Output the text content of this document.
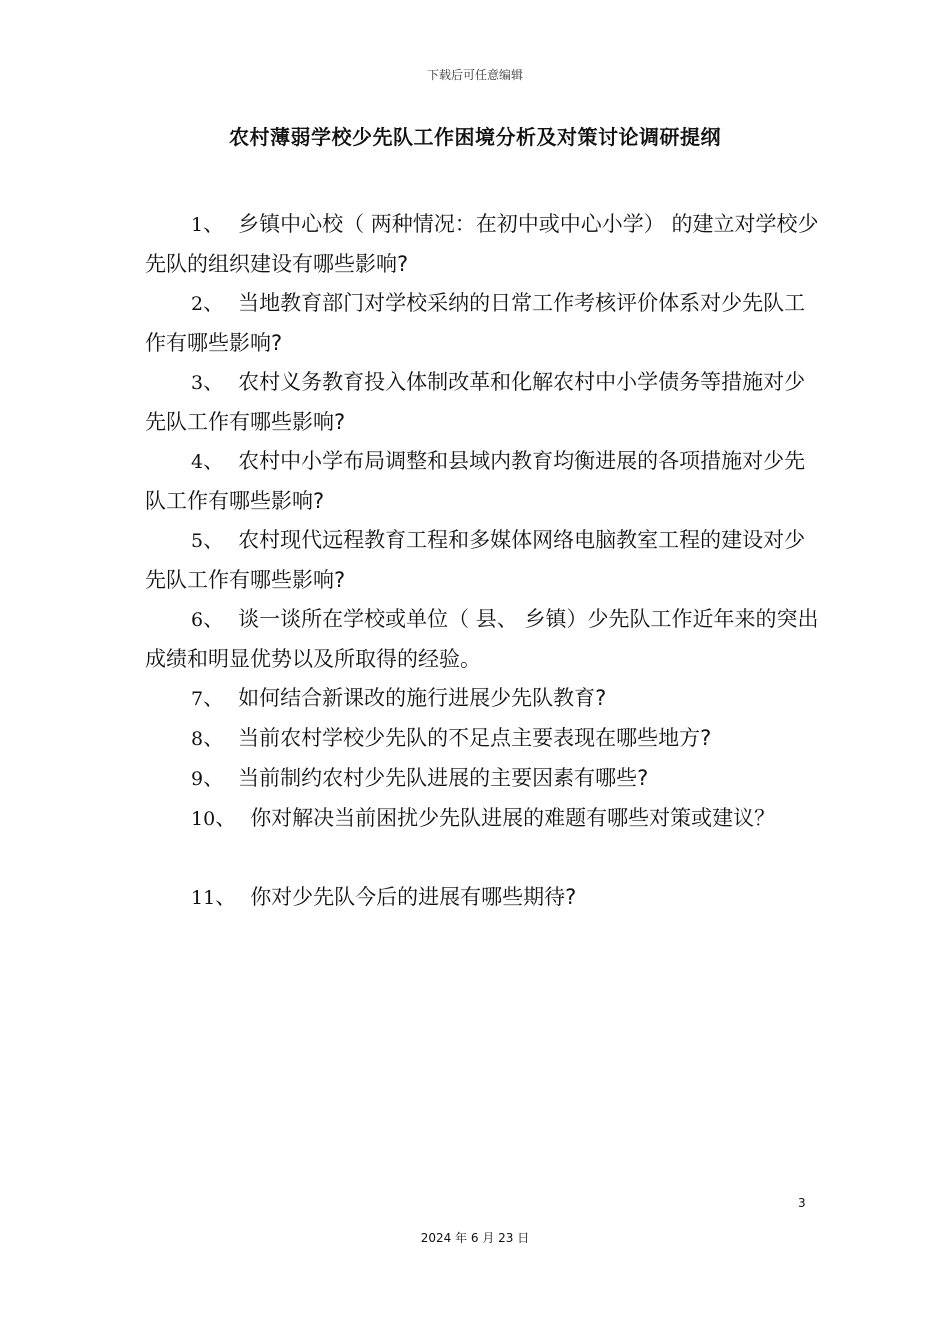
下载后可任意编辑
农村薄弱学校少先队工作困境分析及对策讨论调研提纲

1、 乡镇中心校（ 两种情况：在初中或中心小学） 的建立对学校少先队的组织建设有哪些影响?

2、 当地教育部门对学校采纳的日常工作考核评价体系对少先队工作有哪些影响?

3、 农村义务教育投入体制改革和化解农村中小学债务等措施对少先队工作有哪些影响?

4、 农村中小学布局调整和县域内教育均衡进展的各项措施对少先队工作有哪些影响?

5、 农村现代远程教育工程和多媒体网络电脑教室工程的建设对少先队工作有哪些影响?

6、 谈一谈所在学校或单位（ 县、 乡镇）少先队工作近年来的突出成绩和明显优势以及所取得的经验。

7、 如何结合新课改的施行进展少先队教育?

8、 当前农村学校少先队的不足点主要表现在哪些地方?

9、 当前制约农村少先队进展的主要因素有哪些?

10、 你对解决当前困扰少先队进展的难题有哪些对策或建议？

11、 你对少先队今后的进展有哪些期待?

3
2024 年 6 月 23 日
